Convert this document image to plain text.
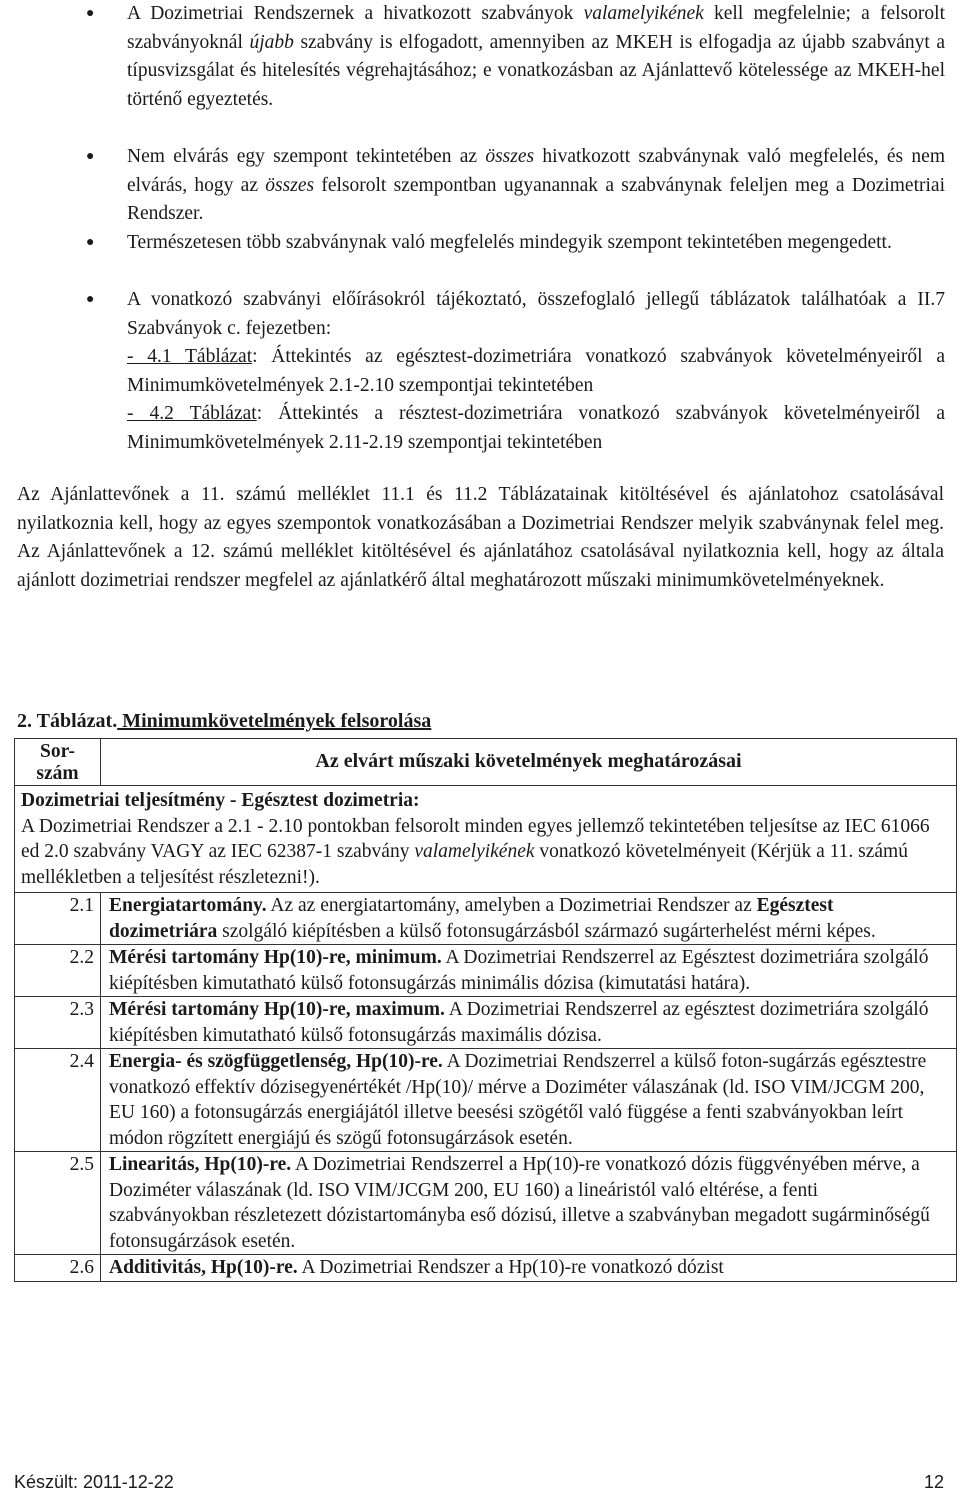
●	A Dozimetriai Rendszernek a hivatkozott szabványok valamelyikének kell megfelelnie; a felsorolt szabványoknál újabb szabvány is elfogadott, amennyiben az MKEH is elfogadja az újabb szabványt a típusvizsgálat és hitelesítés végrehajtásához; e vonatkozásban az Ajánlattevő kötelessége az MKEH-hel történő egyeztetés.
●	Nem elvárás egy szempont tekintetében az összes hivatkozott szabványnak való megfelelés, és nem elvárás, hogy az összes felsorolt szempontban ugyanannak a szabványnak feleljen meg a Dozimetriai Rendszer.
●	Természetesen több szabványnak való megfelelés mindegyik szempont tekintetében megengedett.
●	A vonatkozó szabványi előírásokról tájékoztató, összefoglaló jellegű táblázatok találhatóak a II.7 Szabványok c. fejezetben:
- 4.1 Táblázat: Áttekintés az egésztest-dozimetriára vonatkozó szabványok követelményeiről a Minimumkövetelmények 2.1-2.10 szempontjai tekintetében
- 4.2 Táblázat: Áttekintés a résztest-dozimetriára vonatkozó szabványok követelményeiről a Minimumkövetelmények 2.11-2.19 szempontjai tekintetében
Az Ajánlattevőnek a 11. számú melléklet 11.1 és 11.2 Táblázatainak kitöltésével és ajánlatohoz csatolásával nyilatkoznia kell, hogy az egyes szempontok vonatkozásában a Dozimetriai Rendszer melyik szabványnak felel meg. Az Ajánlattevőnek a 12. számú melléklet kitöltésével és ajánlatához csatolásával nyilatkoznia kell, hogy az általa ajánlott dozimetriai rendszer megfelel az ajánlatkérő által meghatározott műszaki minimumkövetelményeknek.
2. Táblázat. Minimumkövetelmények felsorolása
Sor-
szám	Az elvárt műszaki követelmények meghatározásai

Dozimetriai teljesítmény - Egésztest dozimetria:
A Dozimetriai Rendszer a 2.1 - 2.10 pontokban felsorolt minden egyes jellemző tekintetében teljesítse az IEC 61066 ed 2.0 szabvány VAGY az IEC 62387-1 szabvány valamelyikének vonatkozó követelményeit (Kérjük a 11. számú mellékletben a teljesítést részletezni!).	
2.1	Energiatartomány. Az az energiatartomány, amelyben a Dozimetriai Rendszer az Egésztest dozimetriára szolgáló kiépítésben a külső fotonsugárzásból származó sugárterhelést mérni képes.
2.2	Mérési tartomány Hp(10)-re, minimum. A Dozimetriai Rendszerrel az Egésztest dozimetriára szolgáló kiépítésben kimutatható külső fotonsugárzás minimális dózisa (kimutatási határa).
2.3	Mérési tartomány Hp(10)-re, maximum. A Dozimetriai Rendszerrel az egésztest dozimetriára szolgáló kiépítésben kimutatható külső fotonsugárzás maximális dózisa.
2.4	Energia- és szögfüggetlenség, Hp(10)-re. A Dozimetriai Rendszerrel a külső foton-sugárzás egésztestre vonatkozó effektív dózisegyenértékét /Hp(10)/ mérve a Doziméter válaszának (ld. ISO VIM/JCGM 200, EU 160) a fotonsugárzás energiájától illetve beesési szögétől való függése a fenti szabványokban leírt módon rögzített energiájú és szögű fotonsugárzások esetén.
2.5	Linearitás, Hp(10)-re. A Dozimetriai Rendszerrel a Hp(10)-re vonatkozó dózis függvényében mérve, a Doziméter válaszának (ld. ISO VIM/JCGM 200, EU 160) a lineáristól való eltérése, a fenti szabványokban részletezett dózistartományba eső dózisú, illetve a szabványban megadott sugárminőségű fotonsugárzások esetén.
2.6	Additivitás, Hp(10)-re. A Dozimetriai Rendszer a Hp(10)-re vonatkozó dózist
Készült: 2011-12-22	12
